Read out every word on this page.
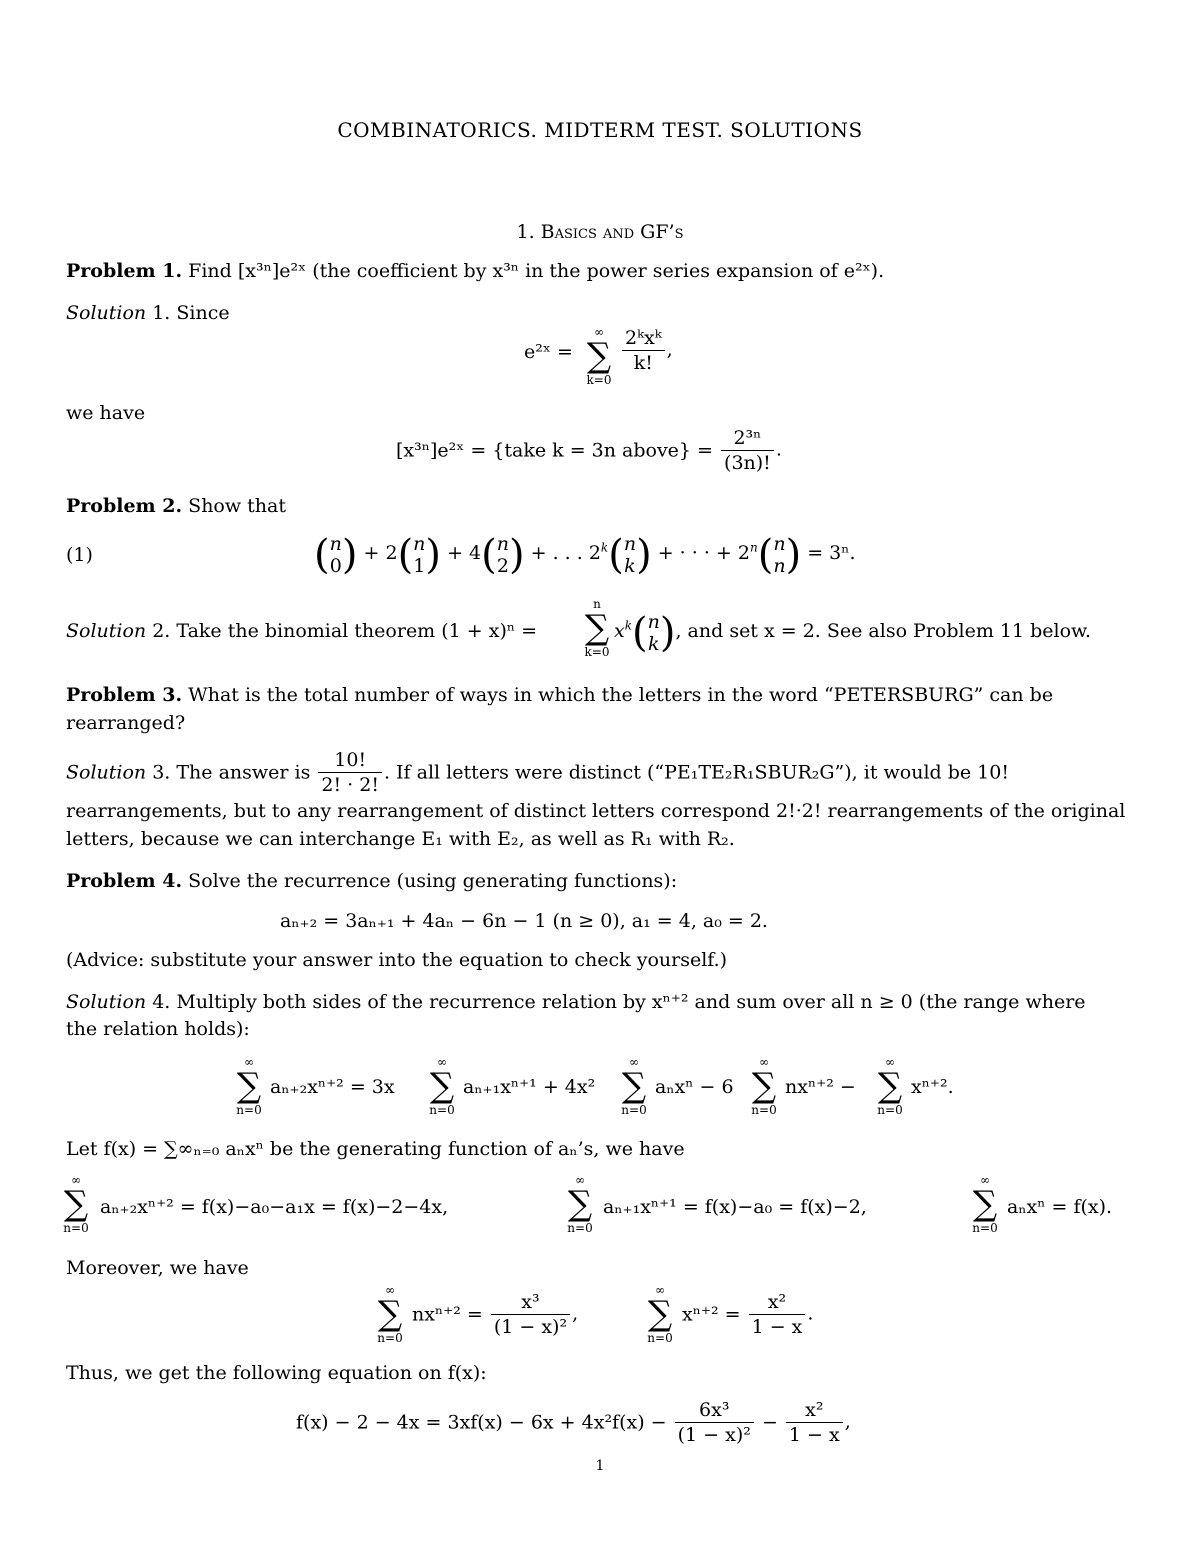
COMBINATORICS. MIDTERM TEST. SOLUTIONS
1. Basics and GF’s
Problem 1. Find [x³ⁿ]e²ˣ (the coefficient by x³ⁿ in the power series expansion of e²ˣ).
Solution 1. Since
e²ˣ =
∞
∑
k=0
$\frac{\text{2ᵏxᵏ}}{k!}$ ,
we have
[x³ⁿ]e²ˣ = {take k = 3n above} = $\frac{\text{2³ⁿ}}{(3n)!}$ .
Problem 2. Show that
(1)	(n
0) + 2(n
1) + 4(n
2) + . . . 2$^k$(n
k) + · · · + $2^n(n$
n) = 3ⁿ.
Solution 2. Take the binomial theorem (1 + x)ⁿ =
n
∑
k=0
$x^k(n$
k), and set x = 2. See also Problem 11 below.
Problem 3. What is the total number of ways in which the letters in the word “PETERSBURG” can be
rearranged?
Solution 3. The answer is $\frac{10!}{2! \cdot 2!}$ . If all letters were distinct (“PE₁TE₂R₁SBUR₂G”), it would be 10!
rearrangements, but to any rearrangement of distinct letters correspond 2!·2! rearrangements of the original
letters, because we can interchange E₁ with E₂, as well as R₁ with R₂.
Problem 4. Solve the recurrence (using generating functions):
aₙ₊₂ = 3aₙ₊₁ + 4aₙ − 6n − 1 (n ≥ 0), a₁ = 4, a₀ = 2.
(Advice: substitute your answer into the equation to check yourself.)
Solution 4. Multiply both sides of the recurrence relation by xⁿ⁺² and sum over all n ≥ 0 (the range where
the relation holds):
∞
∑
n=0
aₙ₊₂xⁿ⁺² = 3x
∞
∑
n=0
aₙ₊₁xⁿ⁺¹ + 4x²
∞
∑
n=0
aₙxⁿ − 6
∞
∑
n=0
nxⁿ⁺² −
∞
∑
n=0
xⁿ⁺².
Let f(x) = ∑∞ₙ₌₀ aₙxⁿ be the generating function of aₙ’s, we have
∞
∑
n=0
aₙ₊₂xⁿ⁺² = f(x)−a₀−a₁x = f(x)−2−4x,
∞
∑
n=0
aₙ₊₁xⁿ⁺¹ = f(x)−a₀ = f(x)−2,
∞
∑
n=0
aₙxⁿ = f(x).
Moreover, we have
∞
∑
n=0
$nx^{n+2} = \frac{\text{x³}}{\text{(1 − x)²}}$ ,
∞
∑
n=0
$x^{n+2} = \frac{\text{x²}}{1 - x}$ .
Thus, we get the following equation on f(x):
$f(x) - 2 - 4x = 3xf(x) - 6x + 4x^2f(x) - \frac{\text{6x³}}{\text{(1 − x)²}} - \frac{\text{x²}}{1 - x}$ ,
1
